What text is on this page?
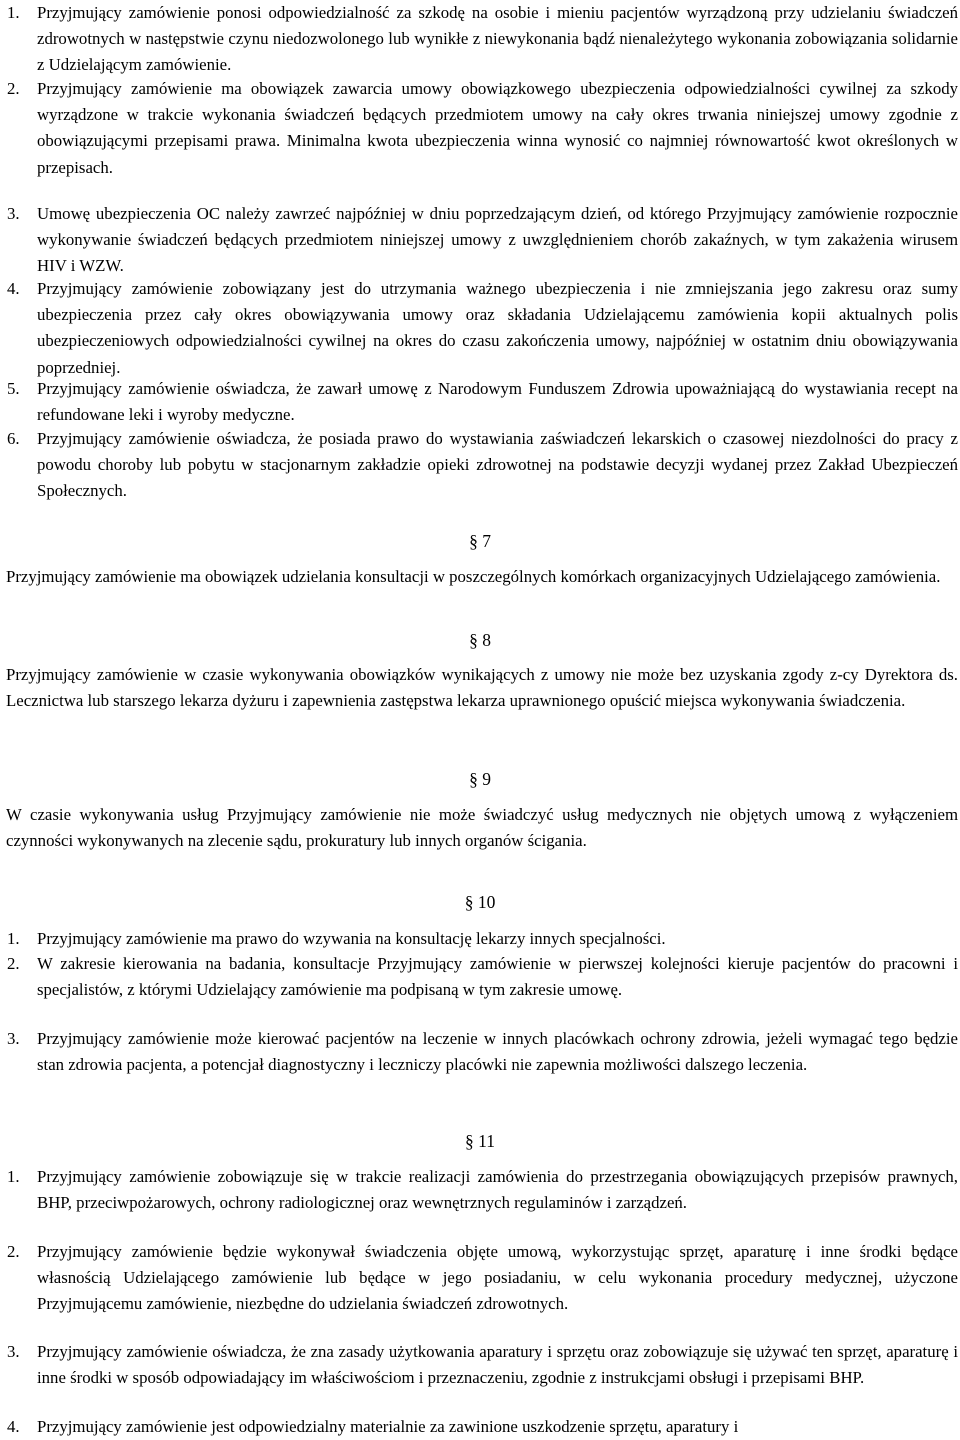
1. Przyjmujący zamówienie ponosi odpowiedzialność za szkodę na osobie i mieniu pacjentów wyrządzoną przy udzielaniu świadczeń zdrowotnych w następstwie czynu niedozwolonego lub wynikłe z niewykonania bądź nienależytego wykonania zobowiązania solidarnie z Udzielającym zamówienie.
2. Przyjmujący zamówienie ma obowiązek zawarcia umowy obowiązkowego ubezpieczenia odpowiedzialności cywilnej za szkody wyrządzone w trakcie wykonania świadczeń będących przedmiotem umowy na cały okres trwania niniejszej umowy zgodnie z obowiązującymi przepisami prawa. Minimalna kwota ubezpieczenia winna wynosić co najmniej równowartość kwot określonych w przepisach.
3. Umowę ubezpieczenia OC należy zawrzeć najpóźniej w dniu poprzedzającym dzień, od którego Przyjmujący zamówienie rozpocznie wykonywanie świadczeń będących przedmiotem niniejszej umowy z uwzględnieniem chorób zakaźnych, w tym zakażenia wirusem HIV i WZW.
4. Przyjmujący zamówienie zobowiązany jest do utrzymania ważnego ubezpieczenia i nie zmniejszania jego zakresu oraz sumy ubezpieczenia przez cały okres obowiązywania umowy oraz składania Udzielającemu zamówienia kopii aktualnych polis ubezpieczeniowych odpowiedzialności cywilnej na okres do czasu zakończenia umowy, najpóźniej w ostatnim dniu obowiązywania poprzedniej.
5. Przyjmujący zamówienie oświadcza, że zawarł umowę z Narodowym Funduszem Zdrowia upoważniającą do wystawiania recept na refundowane leki i wyroby medyczne.
6. Przyjmujący zamówienie oświadcza, że posiada prawo do wystawiania zaświadczeń lekarskich o czasowej niezdolności do pracy z powodu choroby lub pobytu w stacjonarnym zakładzie opieki zdrowotnej na podstawie decyzji wydanej przez Zakład Ubezpieczeń Społecznych.
§ 7
Przyjmujący zamówienie ma obowiązek udzielania konsultacji w poszczególnych komórkach organizacyjnych Udzielającego zamówienia.
§ 8
Przyjmujący zamówienie w czasie wykonywania obowiązków wynikających z umowy nie może bez uzyskania zgody z-cy Dyrektora ds. Lecznictwa lub starszego lekarza dyżuru i zapewnienia zastępstwa lekarza uprawnionego opuścić miejsca wykonywania świadczenia.
§ 9
W czasie wykonywania usług Przyjmujący zamówienie nie może świadczyć usług medycznych nie objętych umową z wyłączeniem czynności wykonywanych na zlecenie sądu, prokuratury lub innych organów ścigania.
§ 10
1. Przyjmujący zamówienie ma prawo do wzywania na konsultację lekarzy innych specjalności.
2. W zakresie kierowania na badania, konsultacje Przyjmujący zamówienie w pierwszej kolejności kieruje pacjentów do pracowni i specjalistów, z którymi Udzielający zamówienie ma podpisaną w tym zakresie umowę.
3. Przyjmujący zamówienie może kierować pacjentów na leczenie w innych placówkach ochrony zdrowia, jeżeli wymagać tego będzie stan zdrowia pacjenta, a potencjał diagnostyczny i leczniczy placówki nie zapewnia możliwości dalszego leczenia.
§ 11
1. Przyjmujący zamówienie zobowiązuje się w trakcie realizacji zamówienia do przestrzegania obowiązujących przepisów prawnych, BHP, przeciwpożarowych, ochrony radiologicznej oraz wewnętrznych regulaminów i zarządzeń.
2. Przyjmujący zamówienie będzie wykonywał świadczenia objęte umową, wykorzystując sprzęt, aparaturę i inne środki będące własnością Udzielającego zamówienie lub będące w jego posiadaniu, w celu wykonania procedury medycznej, użyczone Przyjmującemu zamówienie, niezbędne do udzielania świadczeń zdrowotnych.
3. Przyjmujący zamówienie oświadcza, że zna zasady użytkowania aparatury i sprzętu oraz zobowiązuje się używać ten sprzęt, aparaturę i inne środki w sposób odpowiadający im właściwościom i przeznaczeniu, zgodnie z instrukcjami obsługi i przepisami BHP.
4. Przyjmujący zamówienie jest odpowiedzialny materialnie za zawinione uszkodzenie sprzętu, aparatury i
